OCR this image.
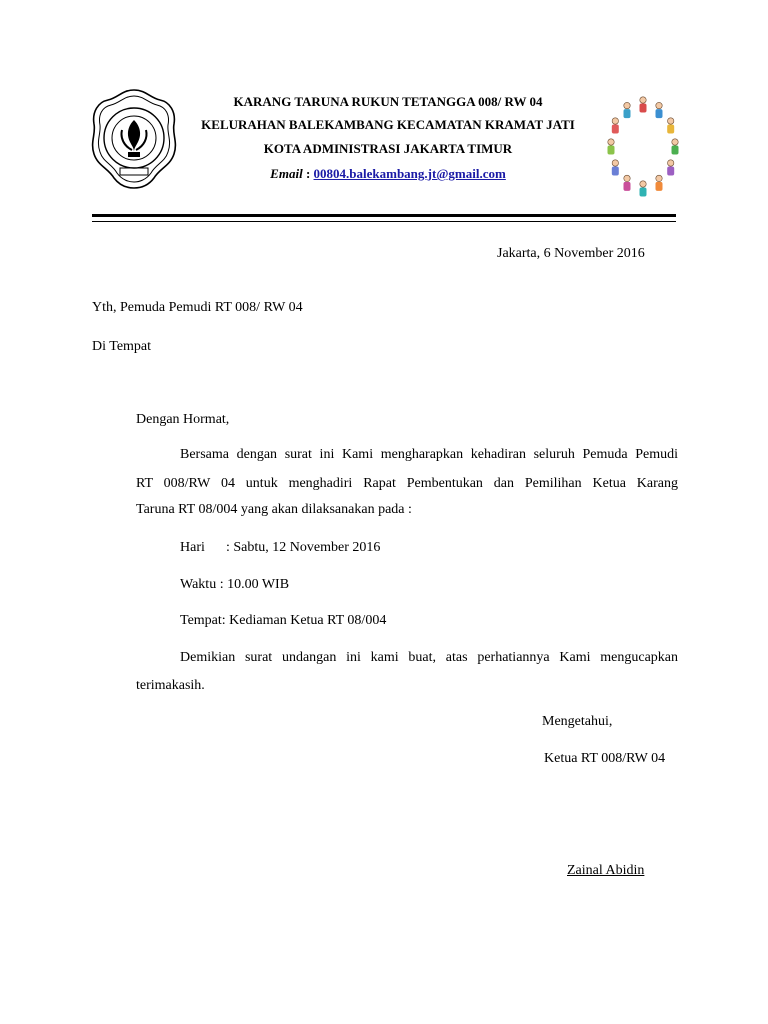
KARANG TARUNA RUKUN TETANGGA 008/ RW 04
KELURAHAN BALEKAMBANG KECAMATAN KRAMAT JATI
KOTA ADMINISTRASI JAKARTA TIMUR
Email : 00804.balekambang.jt@gmail.com
Jakarta, 6 November 2016
Yth, Pemuda Pemudi RT 008/ RW 04
Di Tempat
Dengan Hormat,
Bersama dengan surat ini Kami mengharapkan kehadiran seluruh Pemuda Pemudi
RT 008/RW 04 untuk menghadiri Rapat Pembentukan dan Pemilihan Ketua Karang
Taruna RT 08/004 yang akan dilaksanakan pada :
Hari : Sabtu, 12 November 2016
Waktu : 10.00 WIB
Tempat: Kediaman Ketua RT 08/004
Demikian surat undangan ini kami buat, atas perhatiannya Kami mengucapkan
terimakasih.
Mengetahui,
Ketua RT 008/RW 04
Zainal Abidin
